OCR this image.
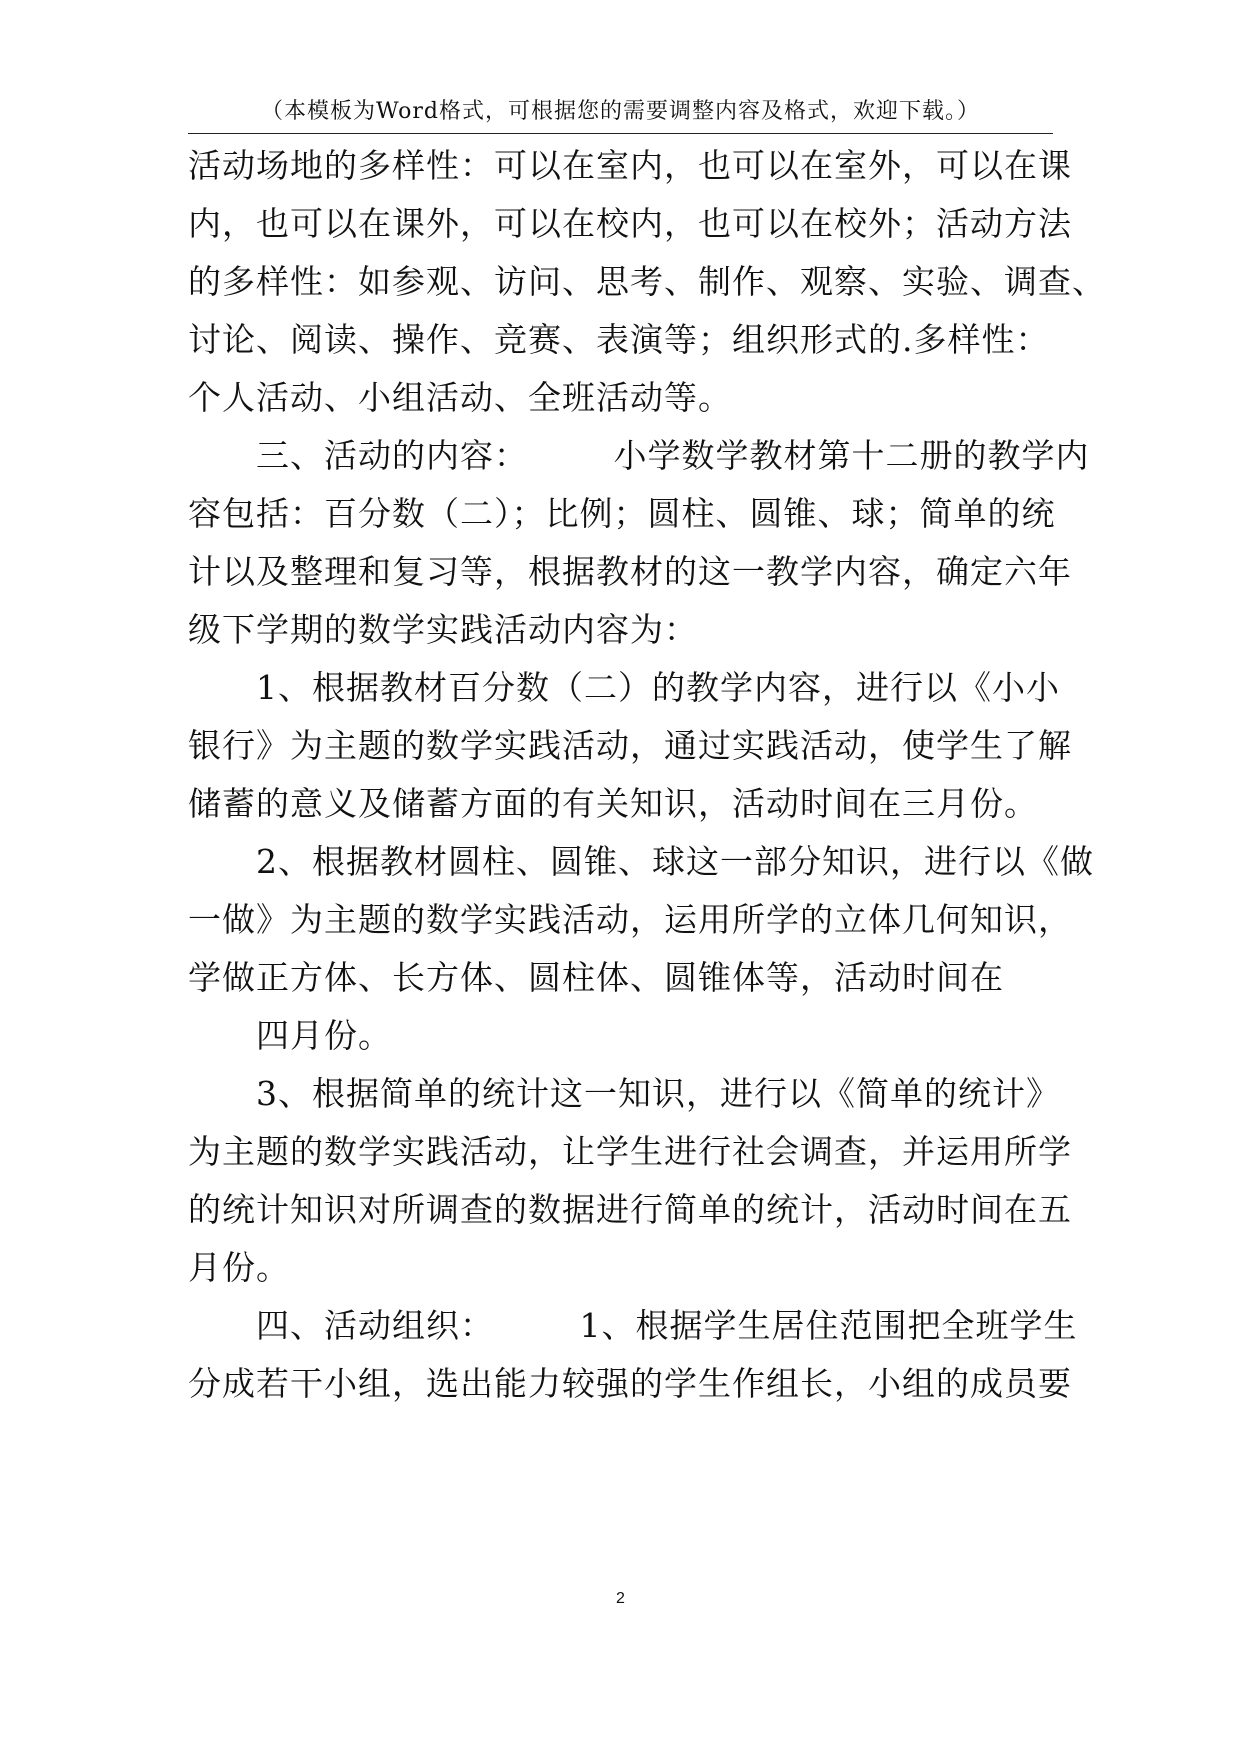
（本模板为Word格式，可根据您的需要调整内容及格式，欢迎下载。）
活动场地的多样性：可以在室内，也可以在室外，可以在课
内，也可以在课外，可以在校内，也可以在校外；活动方法
的多样性：如参观、访问、思考、制作、观察、实验、调查、
讨论、阅读、操作、竞赛、表演等；组织形式的.多样性：
个人活动、小组活动、全班活动等。
三、活动的内容：　　　小学数学教材第十二册的教学内
容包括：百分数（二）；比例；圆柱、圆锥、球；简单的统
计以及整理和复习等，根据教材的这一教学内容，确定六年
级下学期的数学实践活动内容为：
1、根据教材百分数（二）的教学内容，进行以《小小
银行》为主题的数学实践活动，通过实践活动，使学生了解
储蓄的意义及储蓄方面的有关知识，活动时间在三月份。
2、根据教材圆柱、圆锥、球这一部分知识，进行以《做
一做》为主题的数学实践活动，运用所学的立体几何知识，
学做正方体、长方体、圆柱体、圆锥体等，活动时间在
四月份。
3、根据简单的统计这一知识，进行以《简单的统计》
为主题的数学实践活动，让学生进行社会调查，并运用所学
的统计知识对所调查的数据进行简单的统计，活动时间在五
月份。
四、活动组织：　　　1、根据学生居住范围把全班学生
分成若干小组，选出能力较强的学生作组长，小组的成员要
2
